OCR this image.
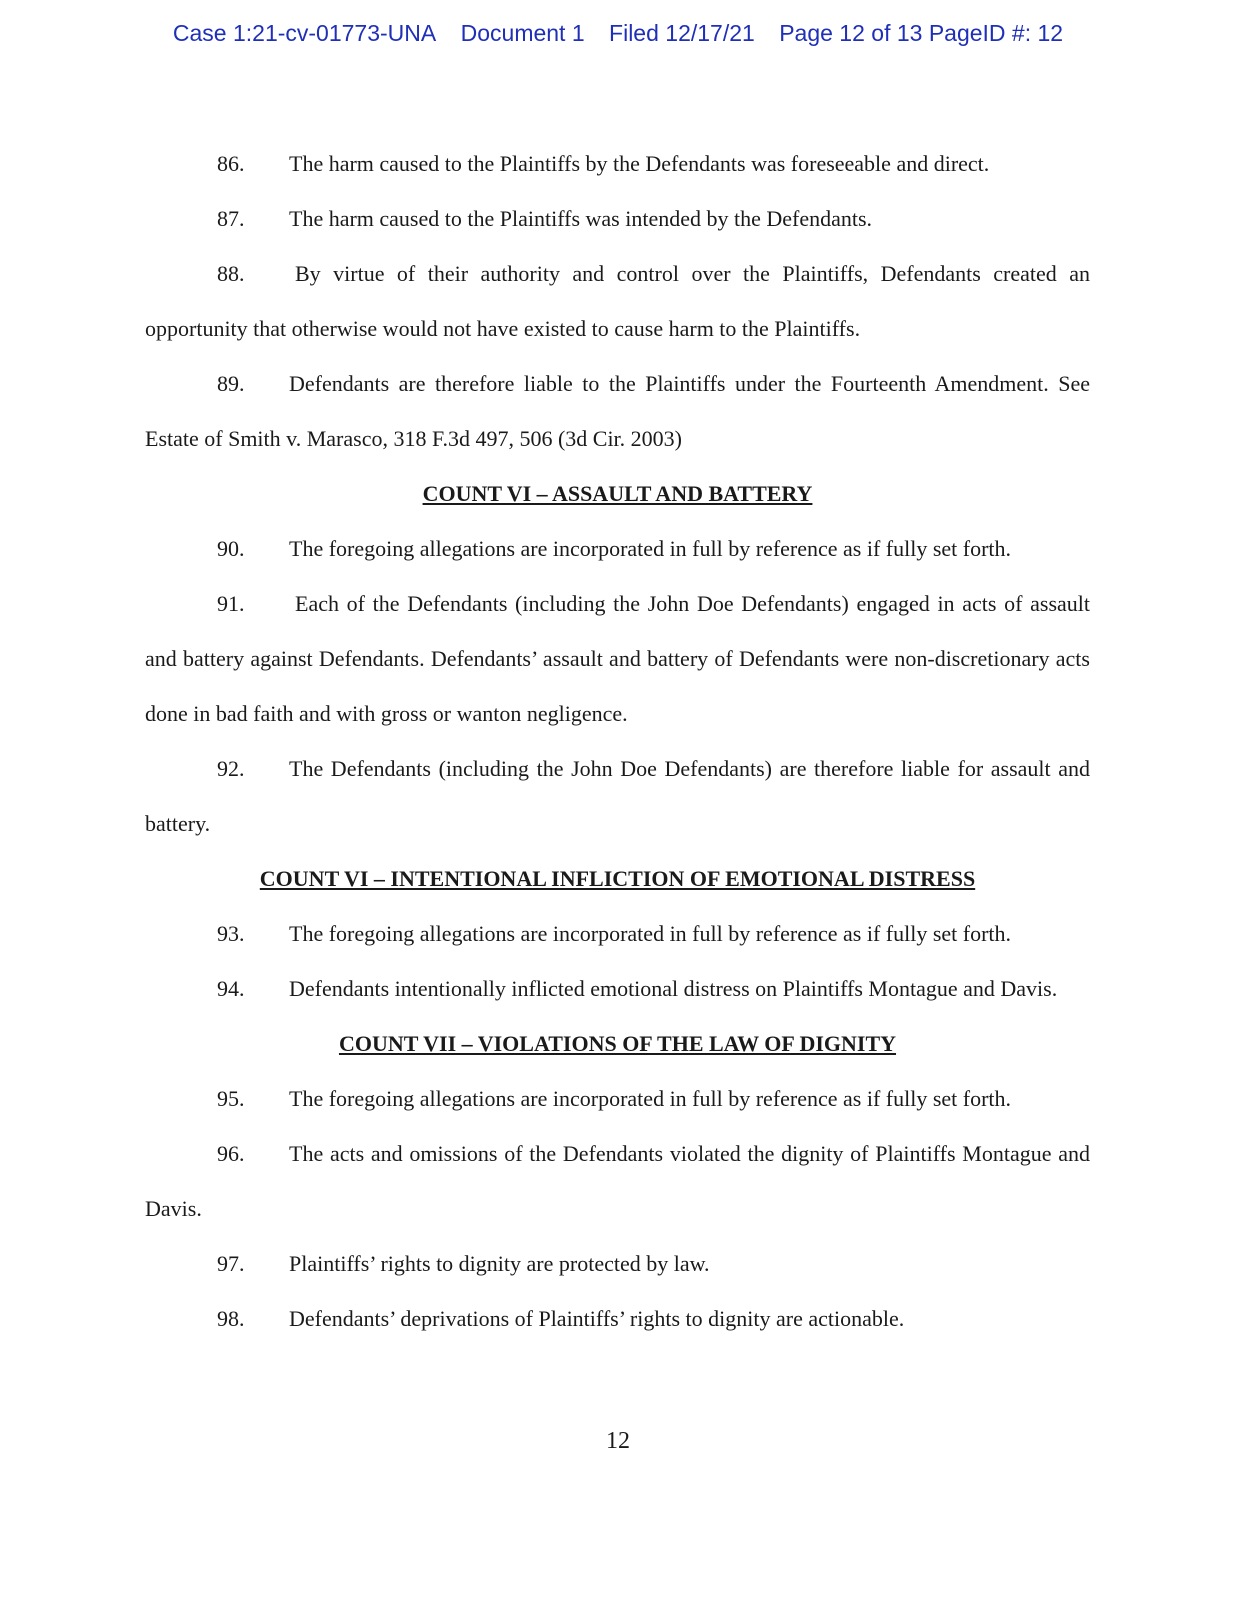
Case 1:21-cv-01773-UNA Document 1 Filed 12/17/21 Page 12 of 13 PageID #: 12

86. The harm caused to the Plaintiffs by the Defendants was foreseeable and direct.

87. The harm caused to the Plaintiffs was intended by the Defendants.

88. By virtue of their authority and control over the Plaintiffs, Defendants created an opportunity that otherwise would not have existed to cause harm to the Plaintiffs.

89. Defendants are therefore liable to the Plaintiffs under the Fourteenth Amendment. See Estate of Smith v. Marasco, 318 F.3d 497, 506 (3d Cir. 2003)

COUNT VI – ASSAULT AND BATTERY

90. The foregoing allegations are incorporated in full by reference as if fully set forth.

91. Each of the Defendants (including the John Doe Defendants) engaged in acts of assault and battery against Defendants. Defendants’ assault and battery of Defendants were non-discretionary acts done in bad faith and with gross or wanton negligence.

92. The Defendants (including the John Doe Defendants) are therefore liable for assault and battery.

COUNT VI – INTENTIONAL INFLICTION OF EMOTIONAL DISTRESS

93. The foregoing allegations are incorporated in full by reference as if fully set forth.

94. Defendants intentionally inflicted emotional distress on Plaintiffs Montague and Davis.

COUNT VII – VIOLATIONS OF THE LAW OF DIGNITY

95. The foregoing allegations are incorporated in full by reference as if fully set forth.

96. The acts and omissions of the Defendants violated the dignity of Plaintiffs Montague and Davis.

97. Plaintiffs’ rights to dignity are protected by law.

98. Defendants’ deprivations of Plaintiffs’ rights to dignity are actionable.

12
